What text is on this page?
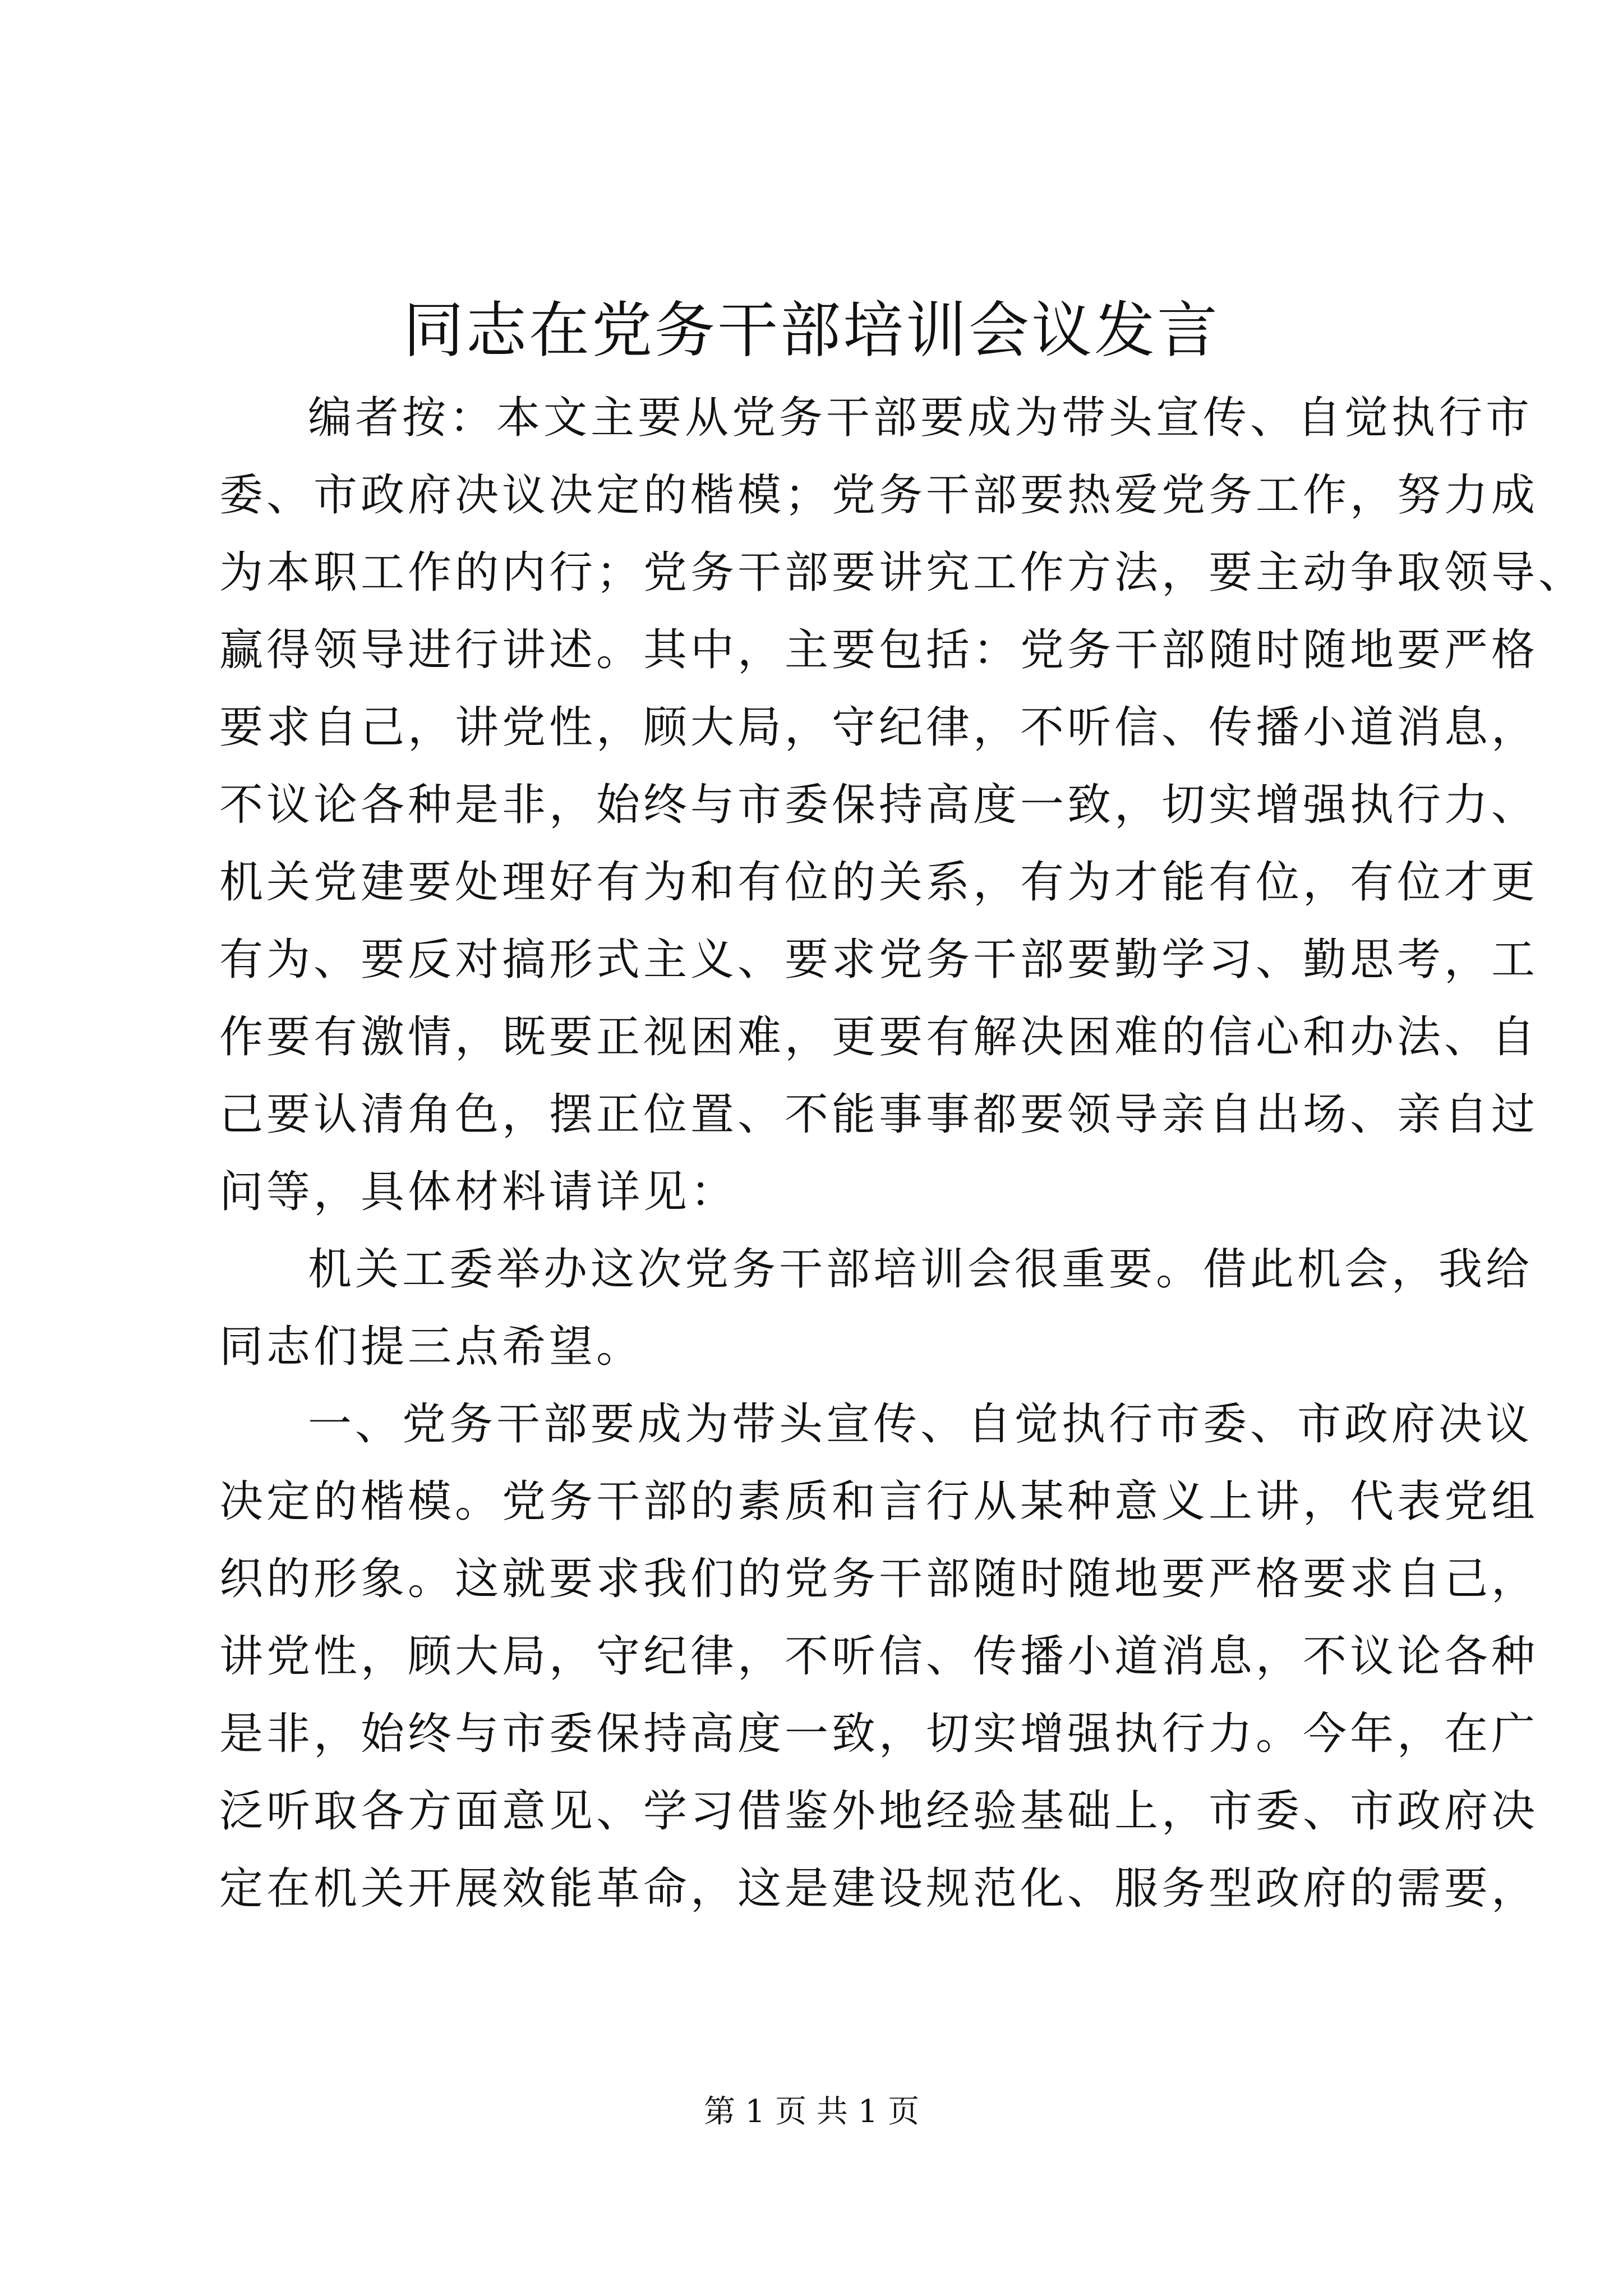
同志在党务干部培训会议发言
编者按：本文主要从党务干部要成为带头宣传、自觉执行市
委、市政府决议决定的楷模；党务干部要热爱党务工作，努力成
为本职工作的内行；党务干部要讲究工作方法，要主动争取领导、
赢得领导进行讲述。其中，主要包括：党务干部随时随地要严格
要求自己，讲党性，顾大局，守纪律，不听信、传播小道消息，
不议论各种是非，始终与市委保持高度一致，切实增强执行力、
机关党建要处理好有为和有位的关系，有为才能有位，有位才更
有为、要反对搞形式主义、要求党务干部要勤学习、勤思考，工
作要有激情，既要正视困难，更要有解决困难的信心和办法、自
己要认清角色，摆正位置、不能事事都要领导亲自出场、亲自过
问等，具体材料请详见：
机关工委举办这次党务干部培训会很重要。借此机会，我给
同志们提三点希望。
一、党务干部要成为带头宣传、自觉执行市委、市政府决议
决定的楷模。党务干部的素质和言行从某种意义上讲，代表党组
织的形象。这就要求我们的党务干部随时随地要严格要求自己，
讲党性，顾大局，守纪律，不听信、传播小道消息，不议论各种
是非，始终与市委保持高度一致，切实增强执行力。今年，在广
泛听取各方面意见、学习借鉴外地经验基础上，市委、市政府决
定在机关开展效能革命，这是建设规范化、服务型政府的需要，
第 1 页 共 1 页
